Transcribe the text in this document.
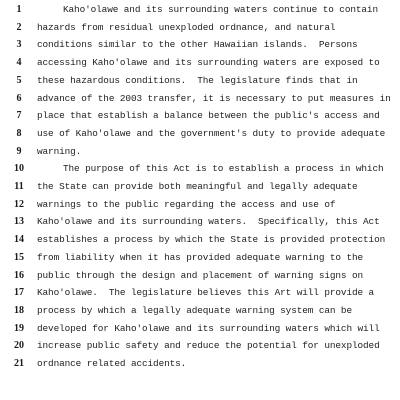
1	Kaho'olawe and its surrounding waters continue to contain
2	hazards from residual unexploded ordnance, and natural
3	conditions similar to the other Hawaiian islands.  Persons
4	accessing Kaho'olawe and its surrounding waters are exposed to
5	these hazardous conditions.  The legislature finds that in
6	advance of the 2003 transfer, it is necessary to put measures in
7	place that establish a balance between the public's access and
8	use of Kaho'olawe and the government's duty to provide adequate
9	warning.
10	The purpose of this Act is to establish a process in which
11	the State can provide both meaningful and legally adequate
12	warnings to the public regarding the access and use of
13	Kaho'olawe and its surrounding waters.  Specifically, this Act
14	establishes a process by which the State is provided protection
15	from liability when it has provided adequate warning to the
16	public through the design and placement of warning signs on
17	Kaho'olawe.  The legislature believes this Art will provide a
18	process by which a legally adequate warning system can be
19	developed for Kaho'olawe and its surrounding waters which will
20	increase public safety and reduce the potential for unexploded
21	ordnance related accidents.
